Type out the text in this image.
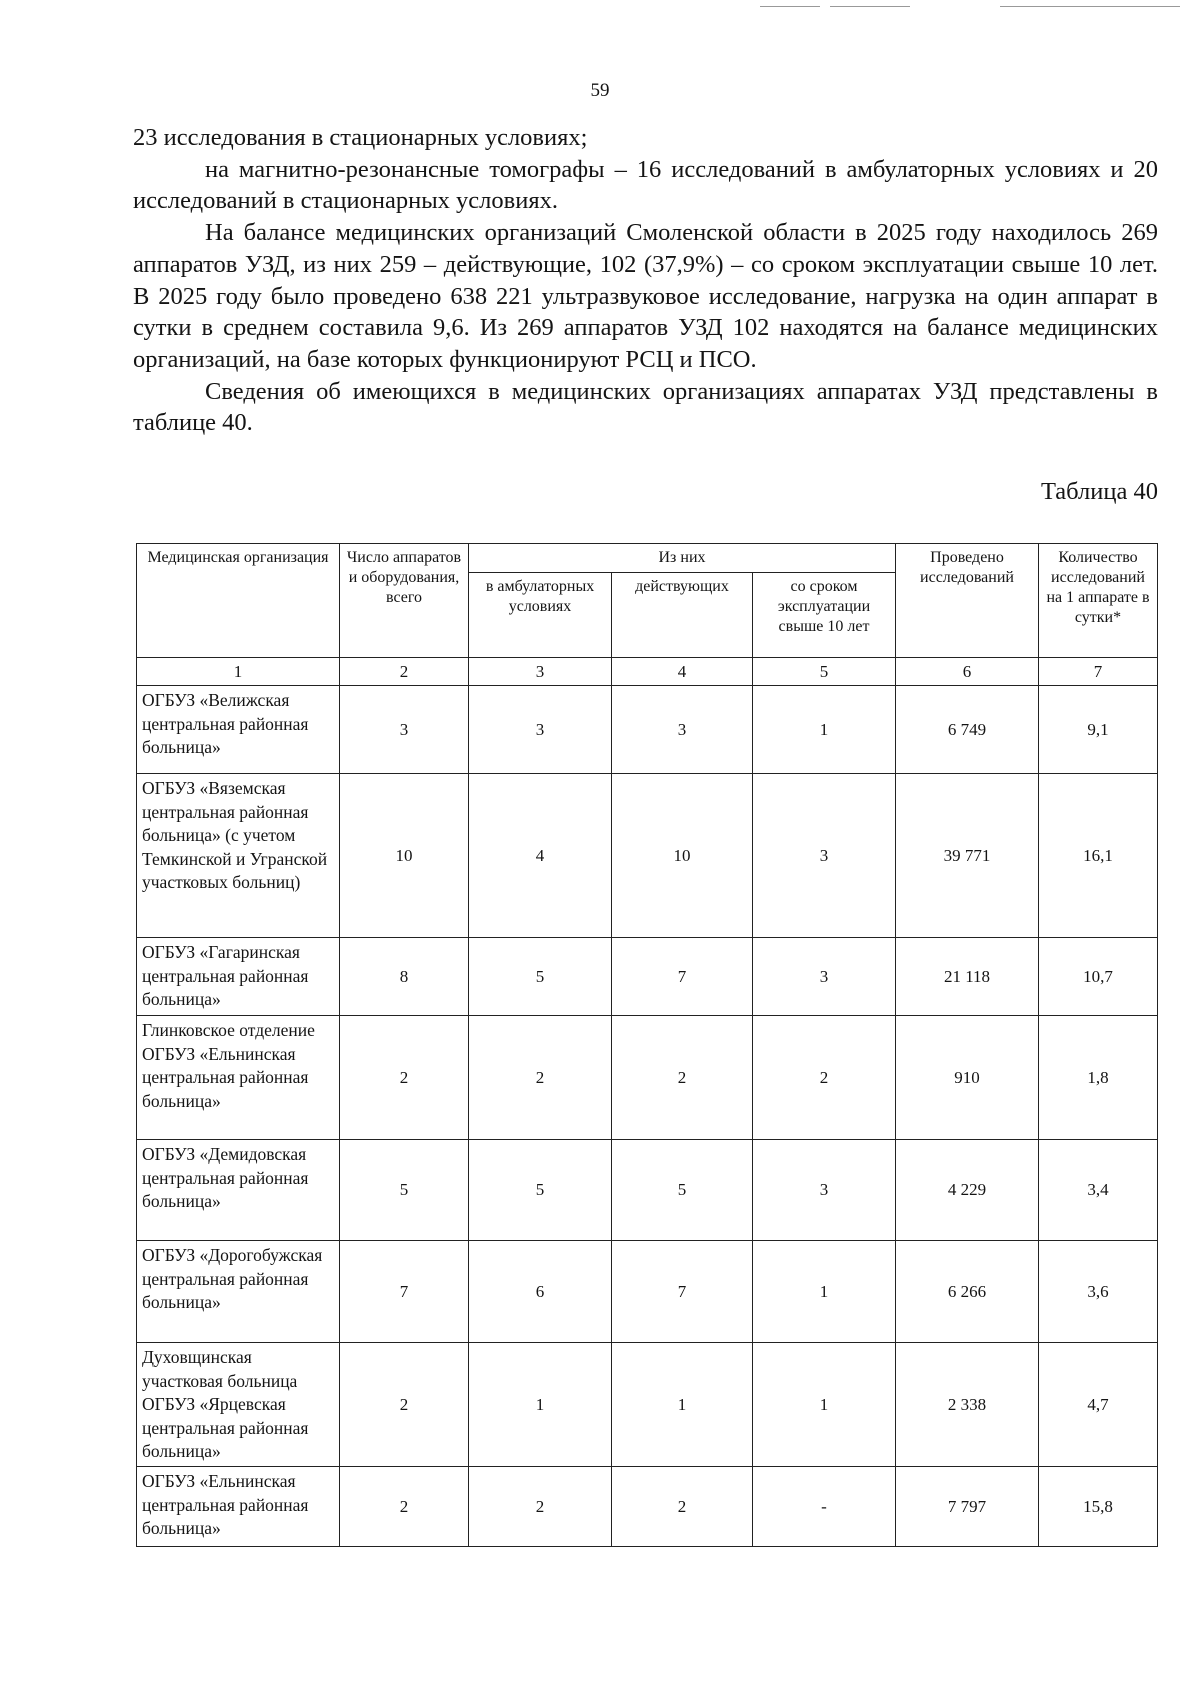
59

23 исследования в стационарных условиях;

на магнитно-резонансные томографы – 16 исследований в амбулаторных условиях и 20 исследований в стационарных условиях.

На балансе медицинских организаций Смоленской области в 2025 году находилось 269 аппаратов УЗД, из них 259 – действующие, 102 (37,9%) – со сроком эксплуатации свыше 10 лет. В 2025 году было проведено 638 221 ультразвуковое исследование, нагрузка на один аппарат в сутки в среднем составила 9,6. Из 269 аппаратов УЗД 102 находятся на балансе медицинских организаций, на базе которых функционируют РСЦ и ПСО.

Сведения об имеющихся в медицинских организациях аппаратах УЗД представлены в таблице 40.

Таблица 40
Медицинская организация	Число аппаратов и оборудования, всего	Из них			Проведено исследований	Количество исследований на 1 аппарате в сутки*
		в амбулаторных условиях	действующих	со сроком эксплуатации свыше 10 лет		
1	2	3	4	5	6	7
ОГБУЗ «Велижская центральная районная больница»	3	3	3	1	6 749	9,1
ОГБУЗ «Вяземская центральная районная больница» (с учетом Темкинской и Угранской участковых больниц)	10	4	10	3	39 771	16,1
ОГБУЗ «Гагаринская центральная районная больница»	8	5	7	3	21 118	10,7
Глинковское отделение ОГБУЗ «Ельнинская центральная районная больница»	2	2	2	2	910	1,8
ОГБУЗ «Демидовская центральная районная больница»	5	5	5	3	4 229	3,4
ОГБУЗ «Дорогобужская центральная районная больница»	7	6	7	1	6 266	3,6
Духовщинская участковая больница ОГБУЗ «Ярцевская центральная районная больница»	2	1	1	1	2 338	4,7
ОГБУЗ «Ельнинская центральная районная больница»	2	2	2	-	7 797	15,8
